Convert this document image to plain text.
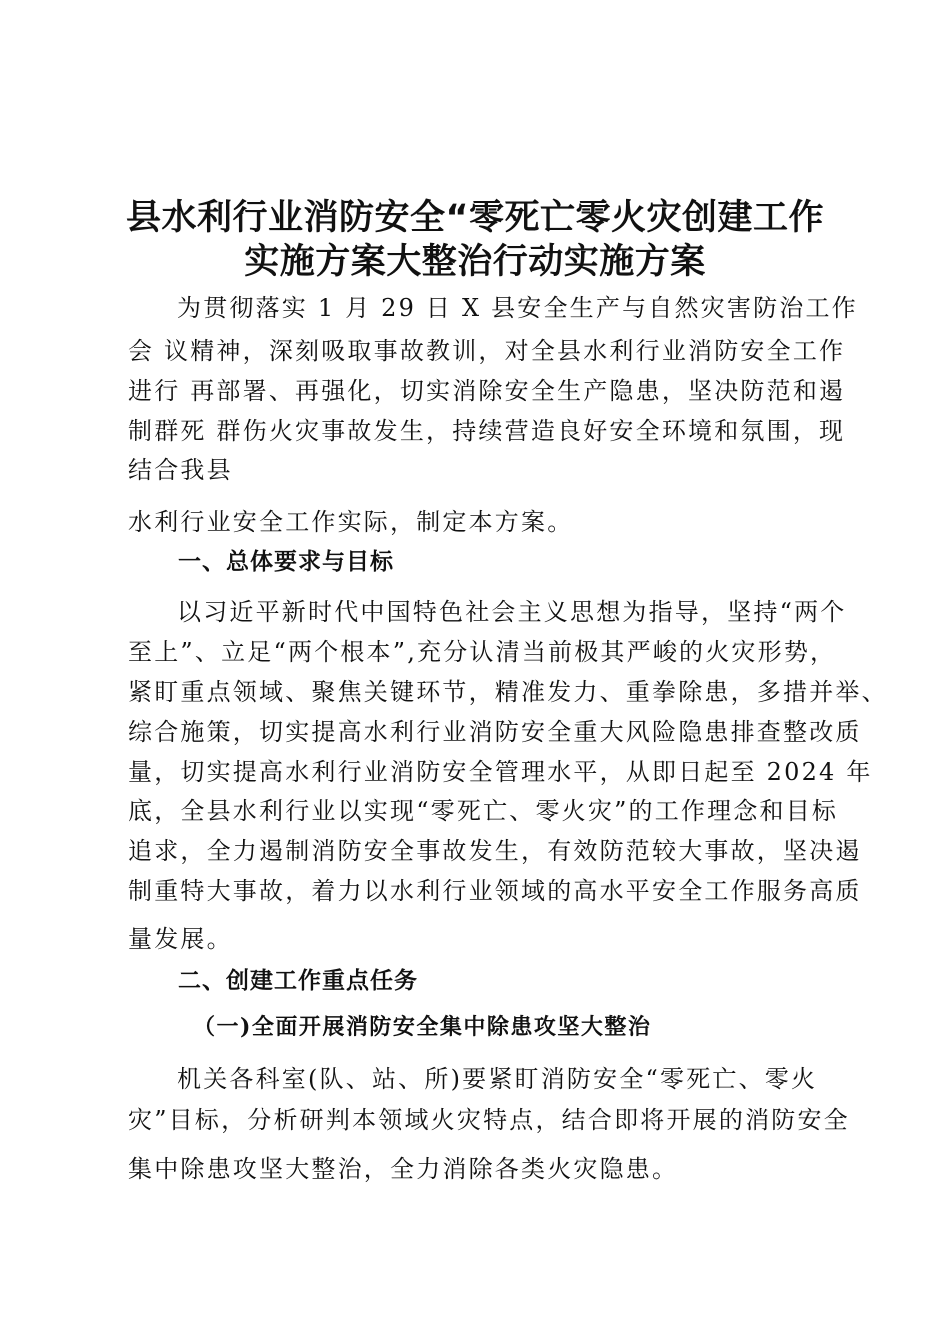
县水利行业消防安全“零死亡零火灾创建工作
实施方案大整治行动实施方案
为贯彻落实 1 月 29 日 X 县安全生产与自然灾害防治工作
会 议精神，深刻吸取事故教训，对全县水利行业消防安全工作
进行 再部署、再强化，切实消除安全生产隐患，坚决防范和遏
制群死 群伤火灾事故发生，持续营造良好安全环境和氛围，现
结合我县
水利行业安全工作实际，制定本方案。
一、总体要求与目标
以习近平新时代中国特色社会主义思想为指导，坚持“两个
至上”、立足“两个根本”,充分认清当前极其严峻的火灾形势，
紧盯重点领域、聚焦关键环节，精准发力、重拳除患，多措并举、
综合施策，切实提高水利行业消防安全重大风险隐患排查整改质
量，切实提高水利行业消防安全管理水平，从即日起至 2024 年
底，全县水利行业以实现“零死亡、零火灾”的工作理念和目标
追求，全力遏制消防安全事故发生，有效防范较大事故，坚决遏
制重特大事故，着力以水利行业领域的高水平安全工作服务高质
量发展。
二、创建工作重点任务
（一)全面开展消防安全集中除患攻坚大整治
机关各科室(队、站、所)要紧盯消防安全“零死亡、零火
灾”目标，分析研判本领域火灾特点，结合即将开展的消防安全
集中除患攻坚大整治，全力消除各类火灾隐患。
